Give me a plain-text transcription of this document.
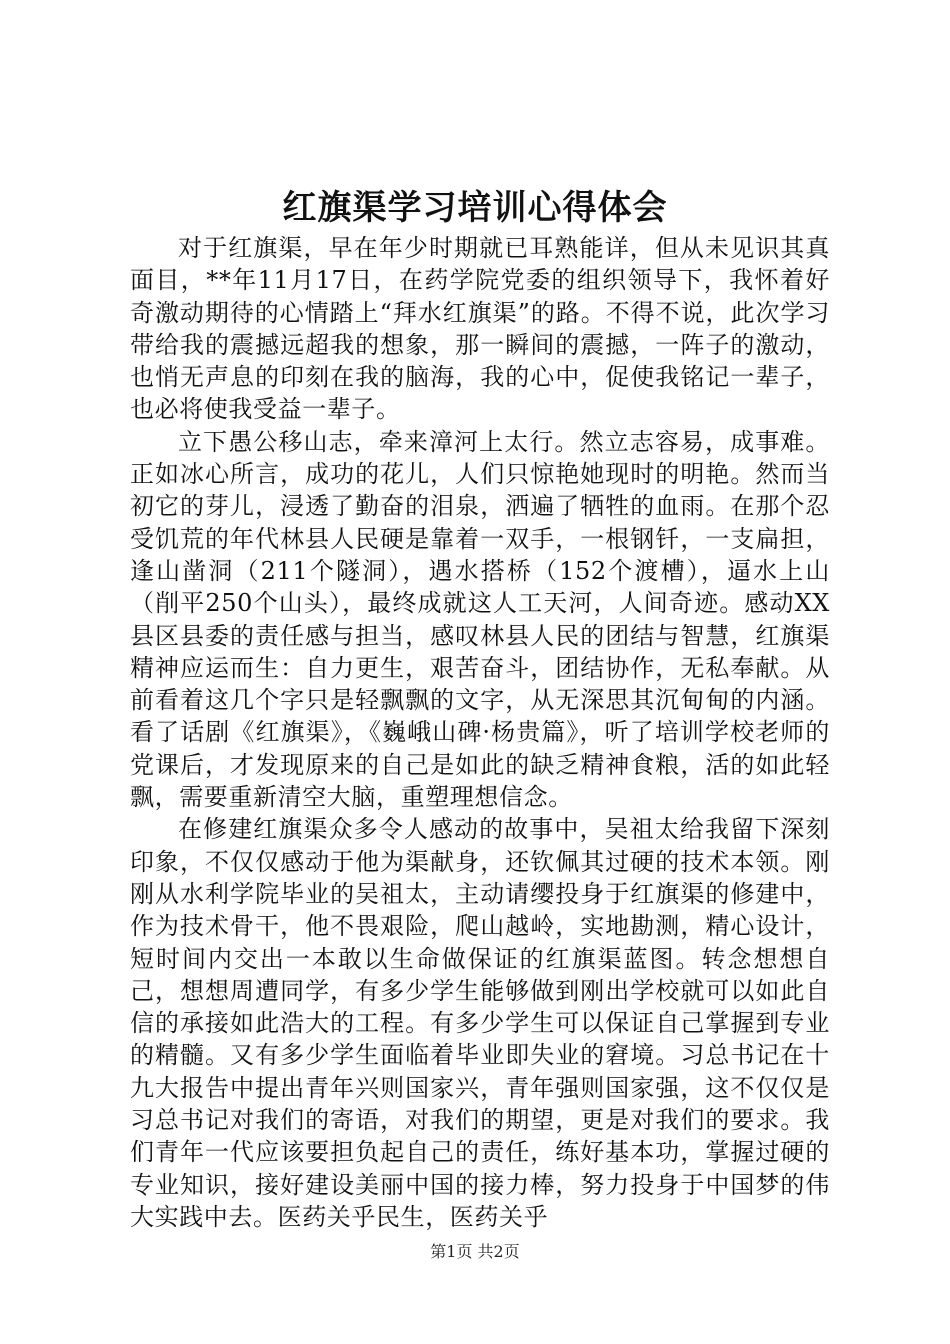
红旗渠学习培训心得体会

对于红旗渠，早在年少时期就已耳熟能详，但从未见识其真面目，**年11月17日，在药学院党委的组织领导下，我怀着好奇激动期待的心情踏上“拜水红旗渠”的路。不得不说，此次学习带给我的震撼远超我的想象，那一瞬间的震撼，一阵子的激动，也悄无声息的印刻在我的脑海，我的心中，促使我铭记一辈子，也必将使我受益一辈子。

立下愚公移山志，牵来漳河上太行。然立志容易，成事难。正如冰心所言，成功的花儿，人们只惊艳她现时的明艳。然而当初它的芽儿，浸透了勤奋的泪泉，洒遍了牺牲的血雨。在那个忍受饥荒的年代林县人民硬是靠着一双手，一根钢钎，一支扁担，逢山凿洞（211个隧洞），遇水搭桥（152个渡槽），逼水上山（削平250个山头），最终成就这人工天河，人间奇迹。感动XX县区县委的责任感与担当，感叹林县人民的团结与智慧，红旗渠精神应运而生：自力更生，艰苦奋斗，团结协作，无私奉献。从前看着这几个字只是轻飘飘的文字，从无深思其沉甸甸的内涵。看了话剧《红旗渠》，《巍峨山碑·杨贵篇》，听了培训学校老师的党课后，才发现原来的自己是如此的缺乏精神食粮，活的如此轻飘，需要重新清空大脑，重塑理想信念。

在修建红旗渠众多令人感动的故事中，吴祖太给我留下深刻印象，不仅仅感动于他为渠献身，还钦佩其过硬的技术本领。刚刚从水利学院毕业的吴祖太，主动请缨投身于红旗渠的修建中，作为技术骨干，他不畏艰险，爬山越岭，实地勘测，精心设计，短时间内交出一本敢以生命做保证的红旗渠蓝图。转念想想自己，想想周遭同学，有多少学生能够做到刚出学校就可以如此自信的承接如此浩大的工程。有多少学生可以保证自己掌握到专业的精髓。又有多少学生面临着毕业即失业的窘境。习总书记在十九大报告中提出青年兴则国家兴，青年强则国家强，这不仅仅是习总书记对我们的寄语，对我们的期望，更是对我们的要求。我们青年一代应该要担负起自己的责任，练好基本功，掌握过硬的专业知识，接好建设美丽中国的接力棒，努力投身于中国梦的伟大实践中去。医药关乎民生，医药关乎

第1页 共2页
